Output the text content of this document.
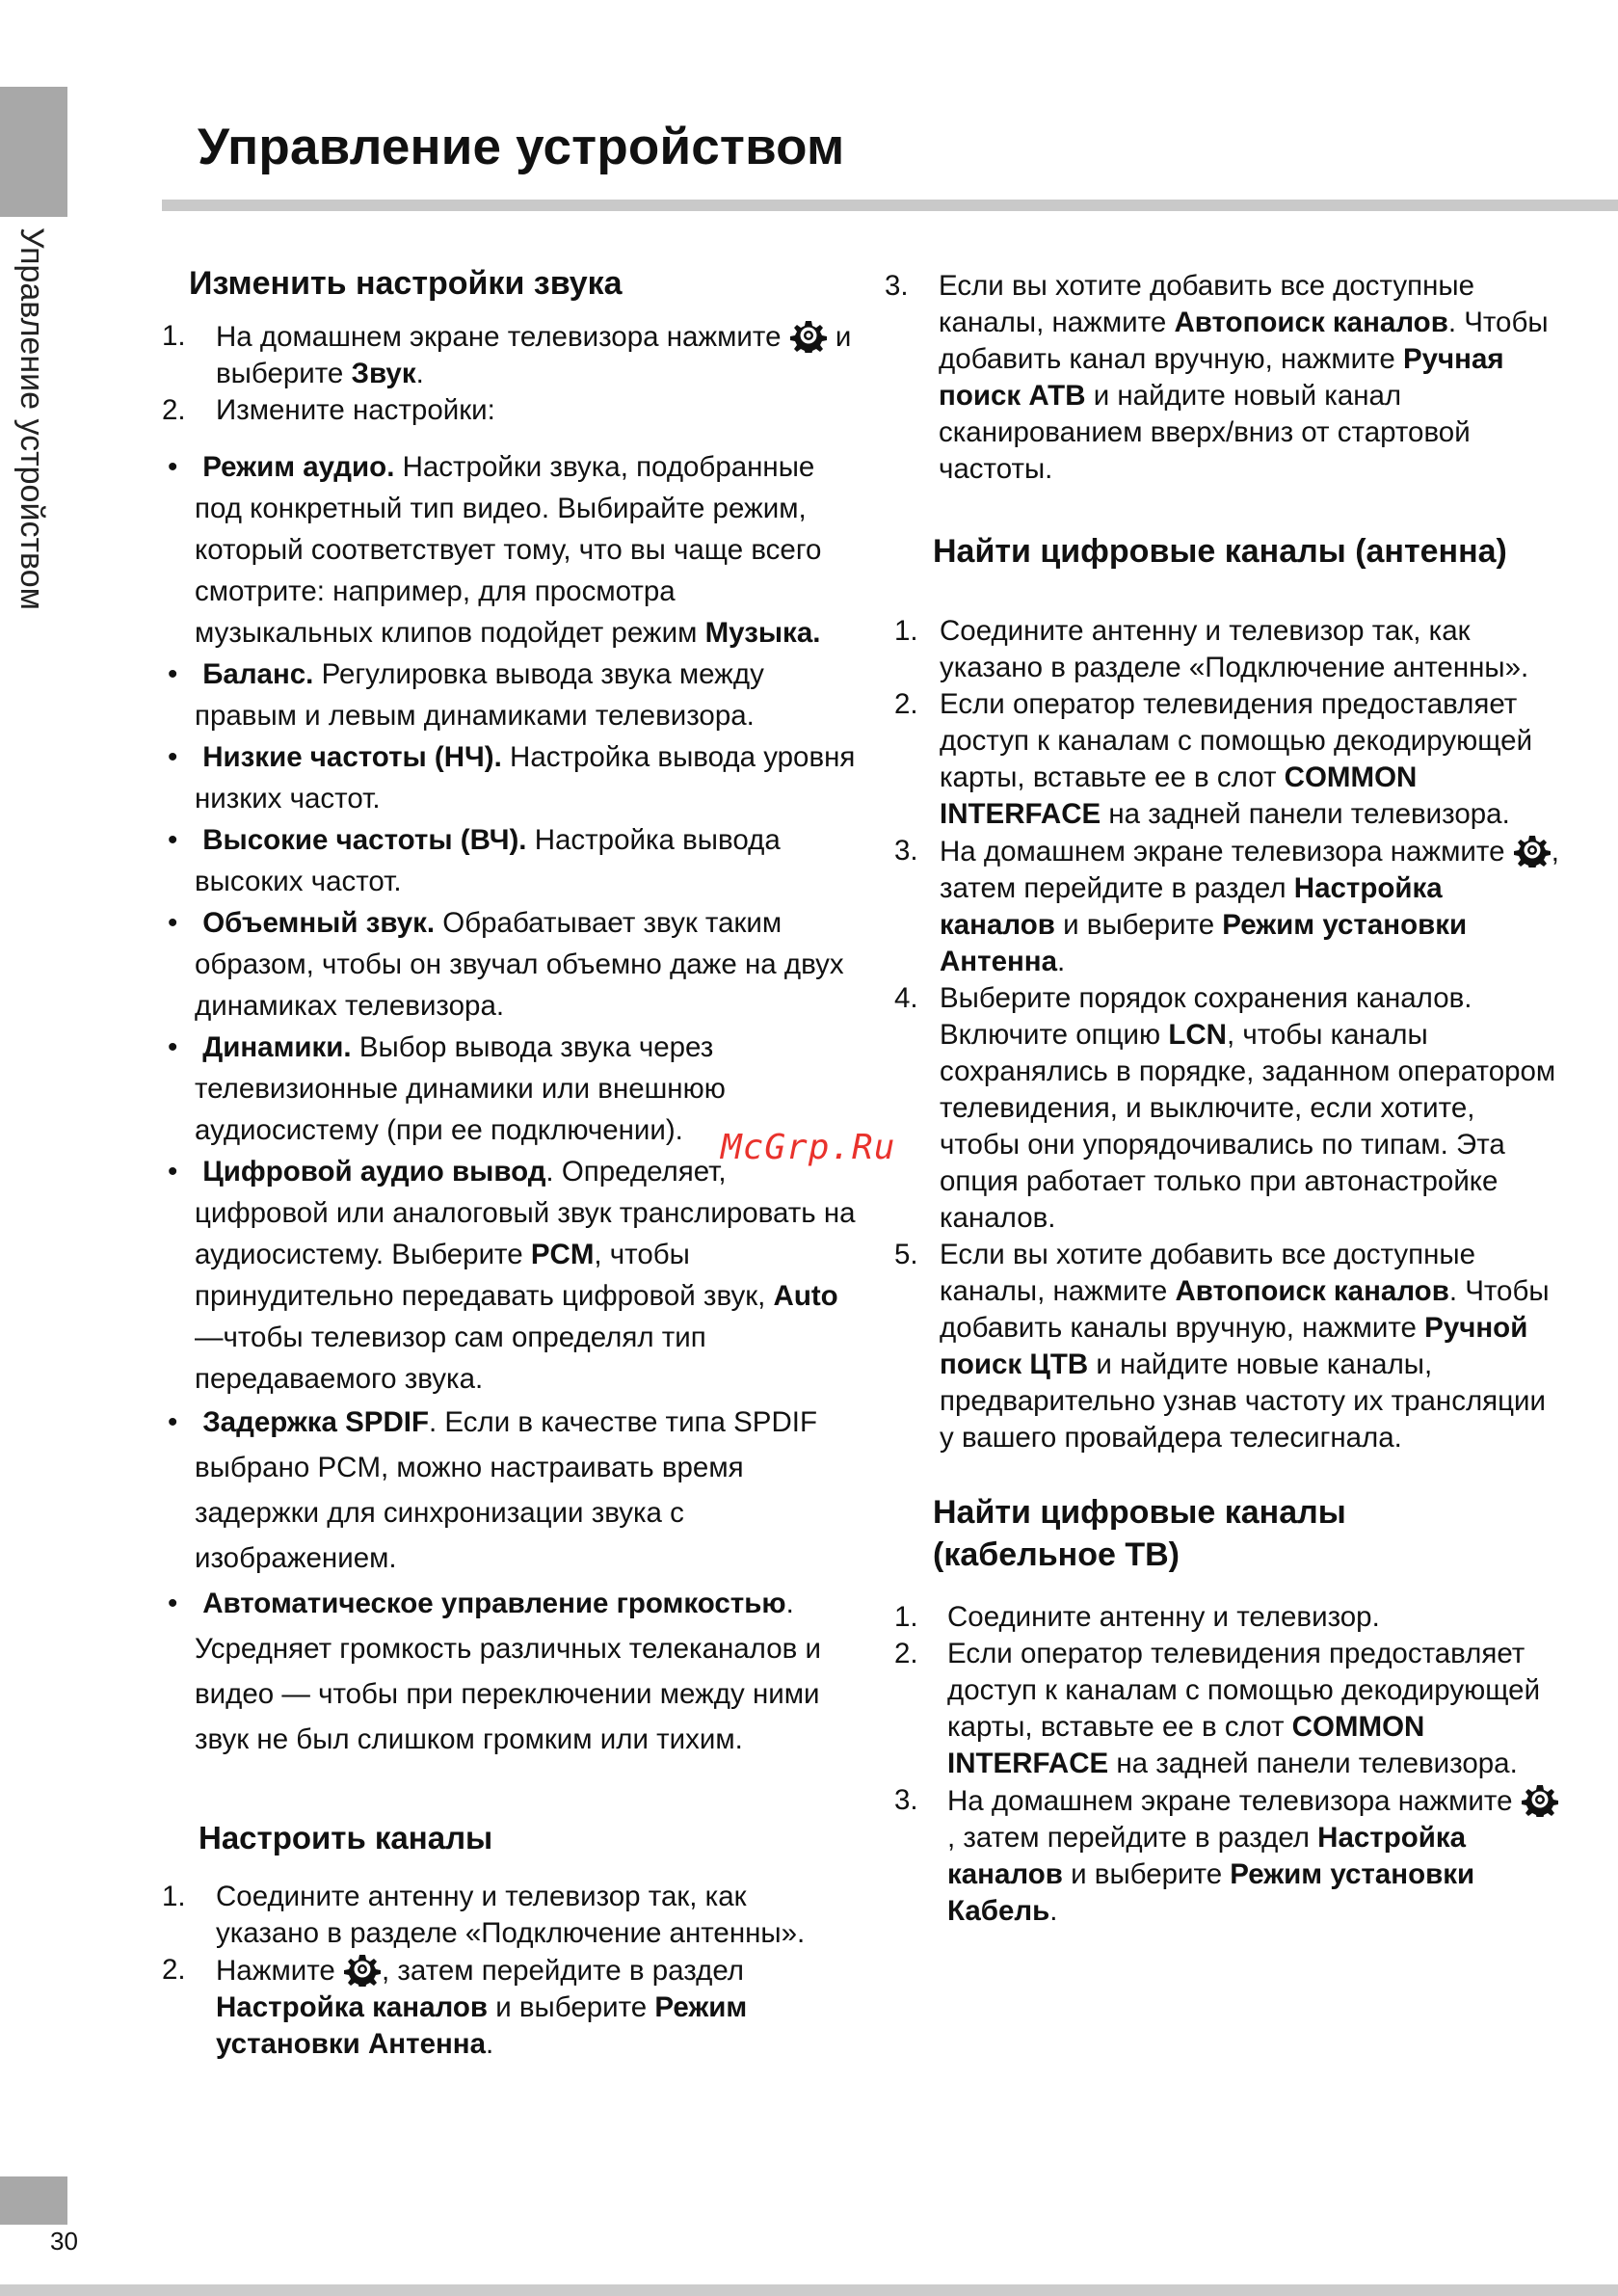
Управление устройством
30
Управление устройством
McGrp.Ru
Изменить настройки звука
1. На домашнем экране телевизора нажмите и выберите Звук.
2. Измените настройки:
• Режим аудио. Настройки звука, подобранные под конкретный тип видео. Выбирайте режим, который соответствует тому, что вы чаще всего смотрите: например, для просмотра музыкальных клипов подойдет режим Музыка.
• Баланс. Регулировка вывода звука между правым и левым динамиками телевизора.
• Низкие частоты (НЧ). Настройка вывода уровня низких частот.
• Высокие частоты (ВЧ). Настройка вывода высоких частот.
• Объемный звук. Обрабатывает звук таким образом, чтобы он звучал объемно даже на двух динамиках телевизора.
• Динамики. Выбор вывода звука через телевизионные динамики или внешнюю аудиосистему (при ее подключении).
• Цифровой аудио вывод. Определяет, цифровой или аналоговый звук транслировать на аудиосистему. Выберите PCM, чтобы принудительно передавать цифровой звук, Auto —чтобы телевизор сам определял тип передаваемого звука.
• Задержка SPDIF. Если в качестве типа SPDIF выбрано PCM, можно настраивать время задержки для синхронизации звука с изображением.
• Автоматическое управление громкостью. Усредняет громкость различных телеканалов и видео — чтобы при переключении между ними звук не был слишком громким или тихим.
Настроить каналы
1. Соедините антенну и телевизор так, как указано в разделе «Подключение антенны».
2. Нажмите , затем перейдите в раздел Настройка каналов и выберите Режим установки Антенна.
3. Если вы хотите добавить все доступные каналы, нажмите Автопоиск каналов. Чтобы добавить канал вручную, нажмите Ручная поиск АТВ и найдите новый канал сканированием вверх/вниз от стартовой частоты.
Найти цифровые каналы (антенна)
1. Соедините антенну и телевизор так, как указано в разделе «Подключение антенны».
2. Если оператор телевидения предоставляет доступ к каналам с помощью декодирующей карты, вставьте ее в слот COMMON INTERFACE на задней панели телевизора.
3. На домашнем экране телевизора нажмите , затем перейдите в раздел Настройка каналов и выберите Режим установки Антенна.
4. Выберите порядок сохранения каналов. Включите опцию LCN, чтобы каналы сохранялись в порядке, заданном оператором телевидения, и выключите, если хотите, чтобы они упорядочивались по типам. Эта опция работает только при автонастройке каналов.
5. Если вы хотите добавить все доступные каналы, нажмите Автопоиск каналов. Чтобы добавить каналы вручную, нажмите Ручной поиск ЦТВ и найдите новые каналы, предварительно узнав частоту их трансляции у вашего провайдера телесигнала.
Найти цифровые каналы (кабельное ТВ)
1. Соедините антенну и телевизор.
2. Если оператор телевидения предоставляет доступ к каналам с помощью декодирующей карты, вставьте ее в слот COMMON INTERFACE на задней панели телевизора.
3. На домашнем экране телевизора нажмите , затем перейдите в раздел Настройка каналов и выберите Режим установки Кабель.
